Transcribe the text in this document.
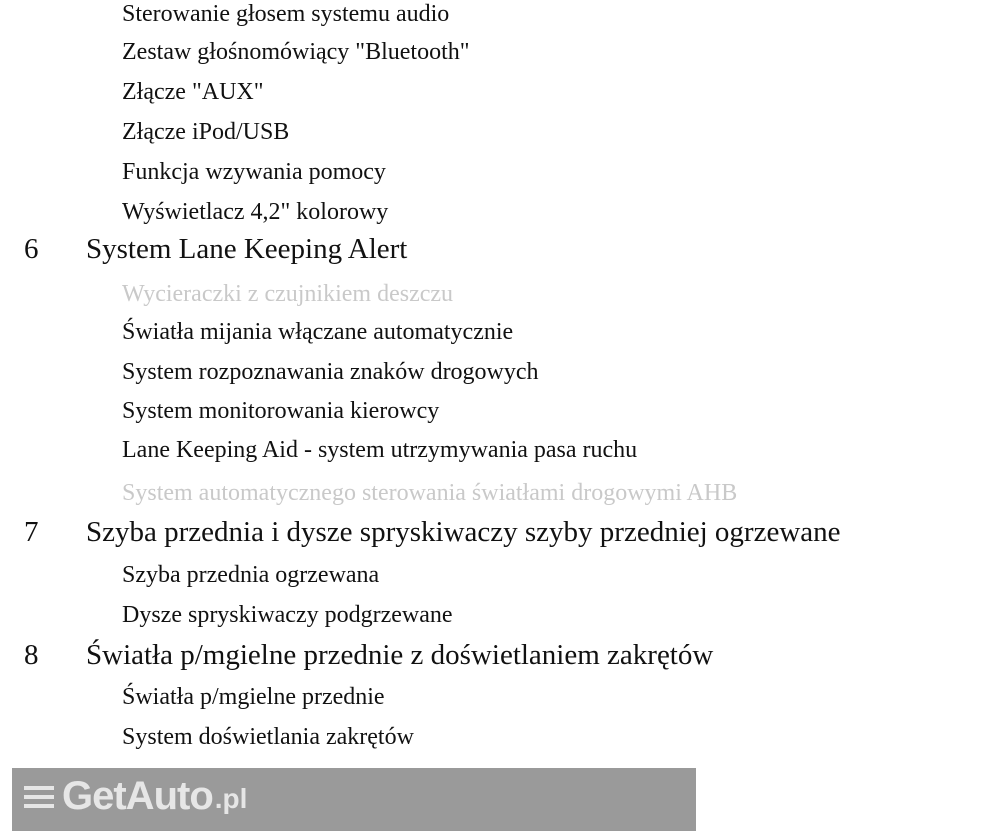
Sterowanie głosem systemu audio
Zestaw głośnomówiący "Bluetooth"
Złącze "AUX"
Złącze iPod/USB
Funkcja wzywania pomocy
Wyświetlacz 4,2" kolorowy
6 System Lane Keeping Alert
Wycieraczki z czujnikiem deszczu
Światła mijania włączane automatycznie
System rozpoznawania znaków drogowych
System monitorowania kierowcy
Lane Keeping Aid - system utrzymywania pasa ruchu
System automatycznego sterowania światłami drogowymi AHB
7 Szyba przednia i dysze spryskiwaczy szyby przedniej ogrzewane
Szyba przednia ogrzewana
Dysze spryskiwaczy podgrzewane
8 Światła p/mgielne przednie z doświetlaniem zakrętów
Światła p/mgielne przednie
System doświetlania zakrętów
GetAuto .pl
